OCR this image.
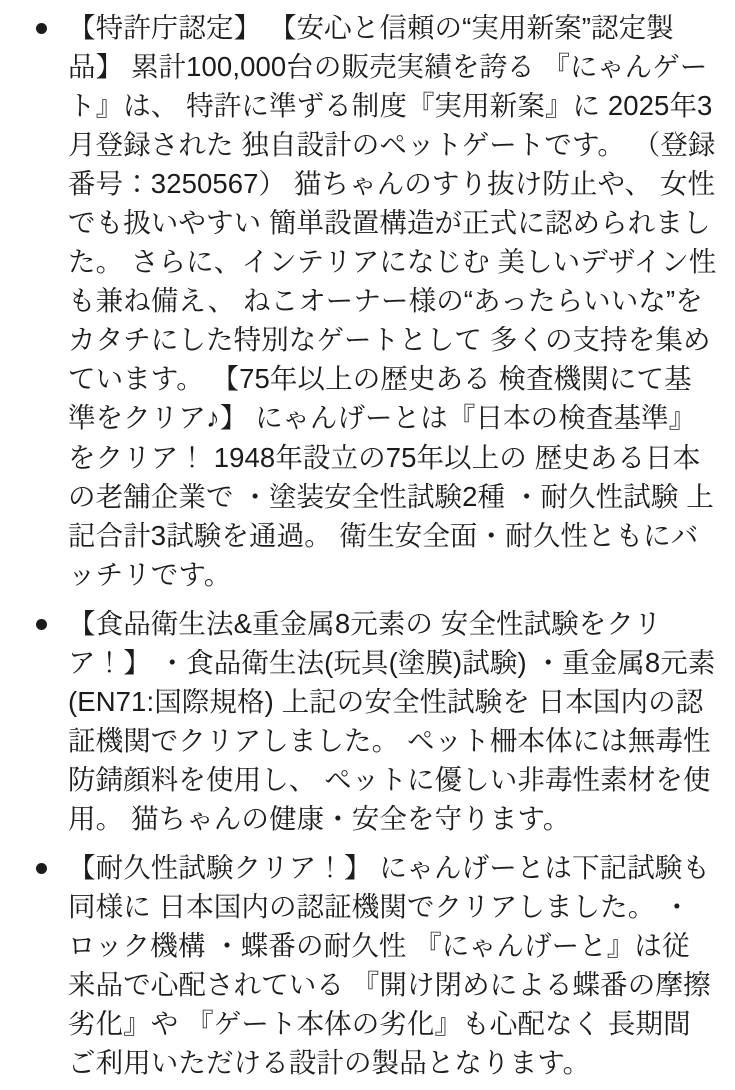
【特許庁認定】 【安心と信頼の“実用新案”認定製品】 累計100,000台の販売実績を誇る 『にゃんゲート』は、 特許に準ずる制度『実用新案』に 2025年3月登録された 独自設計のペットゲートです。 （登録番号：3250567） 猫ちゃんのすり抜け防止や、 女性でも扱いやすい 簡単設置構造が正式に認められました。 さらに、インテリアになじむ 美しいデザイン性も兼ね備え、 ねこオーナー様の“あったらいいな”を カタチにした特別なゲートとして 多くの支持を集めています。 【75年以上の歴史ある 検査機関にて基準をクリア♪】 にゃんげーとは『日本の検査基準』をクリア！ 1948年設立の75年以上の 歴史ある日本の老舗企業で ・塗装安全性試験2種 ・耐久性試験 上記合計3試験を通過。 衛生安全面・耐久性ともにバッチリです。
【食品衛生法&重金属8元素の 安全性試験をクリア！】 ・食品衛生法(玩具(塗膜)試験) ・重金属8元素(EN71:国際規格) 上記の安全性試験を 日本国内の認証機関でクリアしました。 ペット柵本体には無毒性防錆顔料を使用し、 ペットに優しい非毒性素材を使用。 猫ちゃんの健康・安全を守ります。
【耐久性試験クリア！】 にゃんげーとは下記試験も同様に 日本国内の認証機関でクリアしました。 ・ロック機構 ・蝶番の耐久性 『にゃんげーと』は従来品で心配されている 『開け閉めによる蝶番の摩擦劣化』や 『ゲート本体の劣化』も心配なく 長期間ご利用いただける設計の製品となります。
